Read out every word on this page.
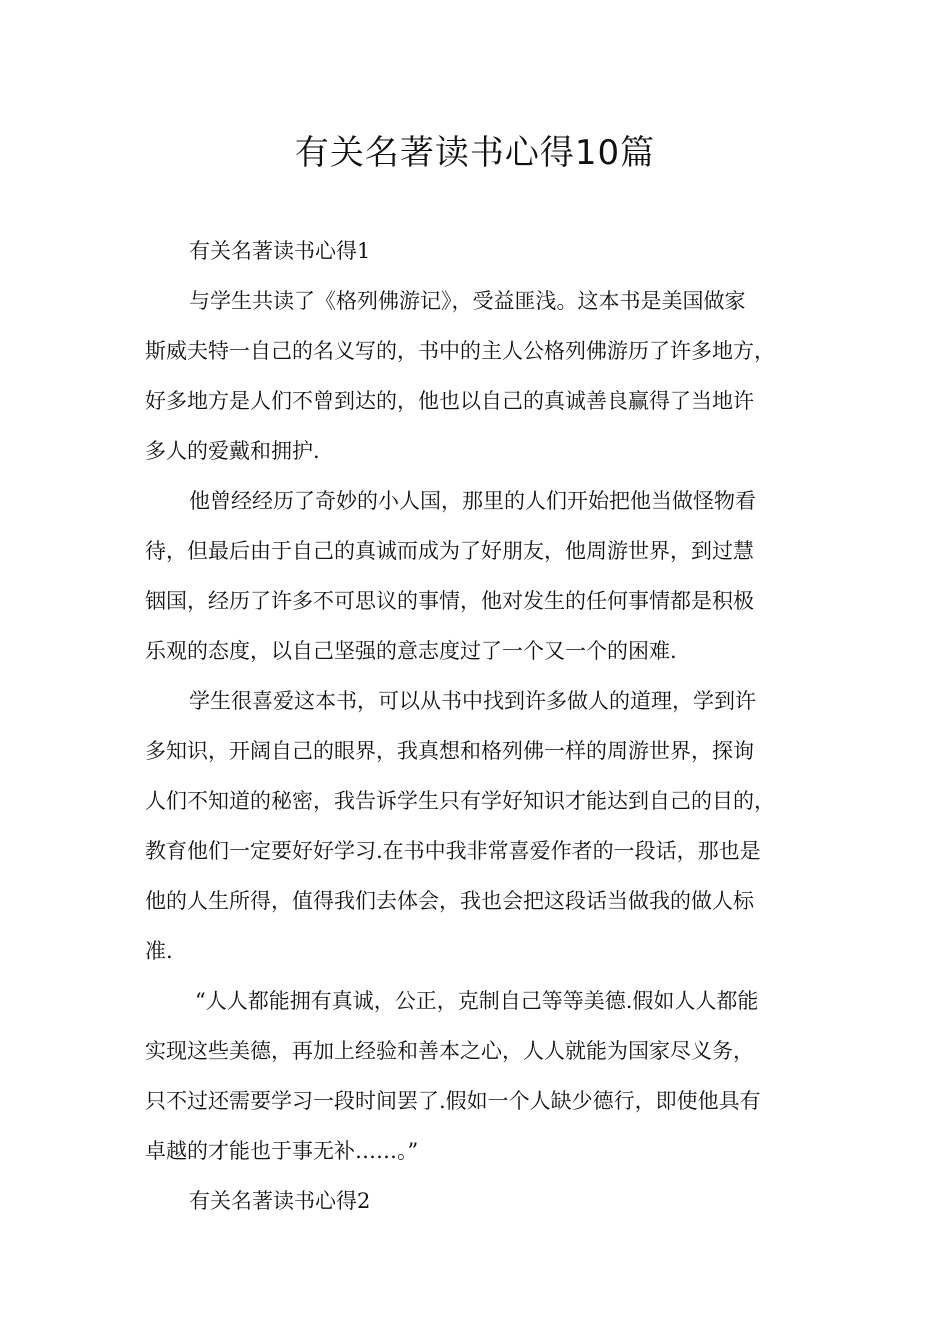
有关名著读书心得10篇
有关名著读书心得1
与学生共读了《格列佛游记》，受益匪浅。这本书是美国做家
斯威夫特一自己的名义写的，书中的主人公格列佛游历了许多地方，
好多地方是人们不曾到达的，他也以自己的真诚善良赢得了当地许
多人的爱戴和拥护.
他曾经经历了奇妙的小人国，那里的人们开始把他当做怪物看
待，但最后由于自己的真诚而成为了好朋友，他周游世界，到过慧
铟国，经历了许多不可思议的事情，他对发生的任何事情都是积极
乐观的态度，以自己坚强的意志度过了一个又一个的困难.
学生很喜爱这本书，可以从书中找到许多做人的道理，学到许
多知识，开阔自己的眼界，我真想和格列佛一样的周游世界，探询
人们不知道的秘密，我告诉学生只有学好知识才能达到自己的目的，
教育他们一定要好好学习.在书中我非常喜爱作者的一段话，那也是
他的人生所得，值得我们去体会，我也会把这段话当做我的做人标
准.
“人人都能拥有真诚，公正，克制自己等等美德.假如人人都能
实现这些美德，再加上经验和善本之心，人人就能为国家尽义务，
只不过还需要学习一段时间罢了.假如一个人缺少德行，即使他具有
卓越的才能也于事无补……。”
有关名著读书心得2
